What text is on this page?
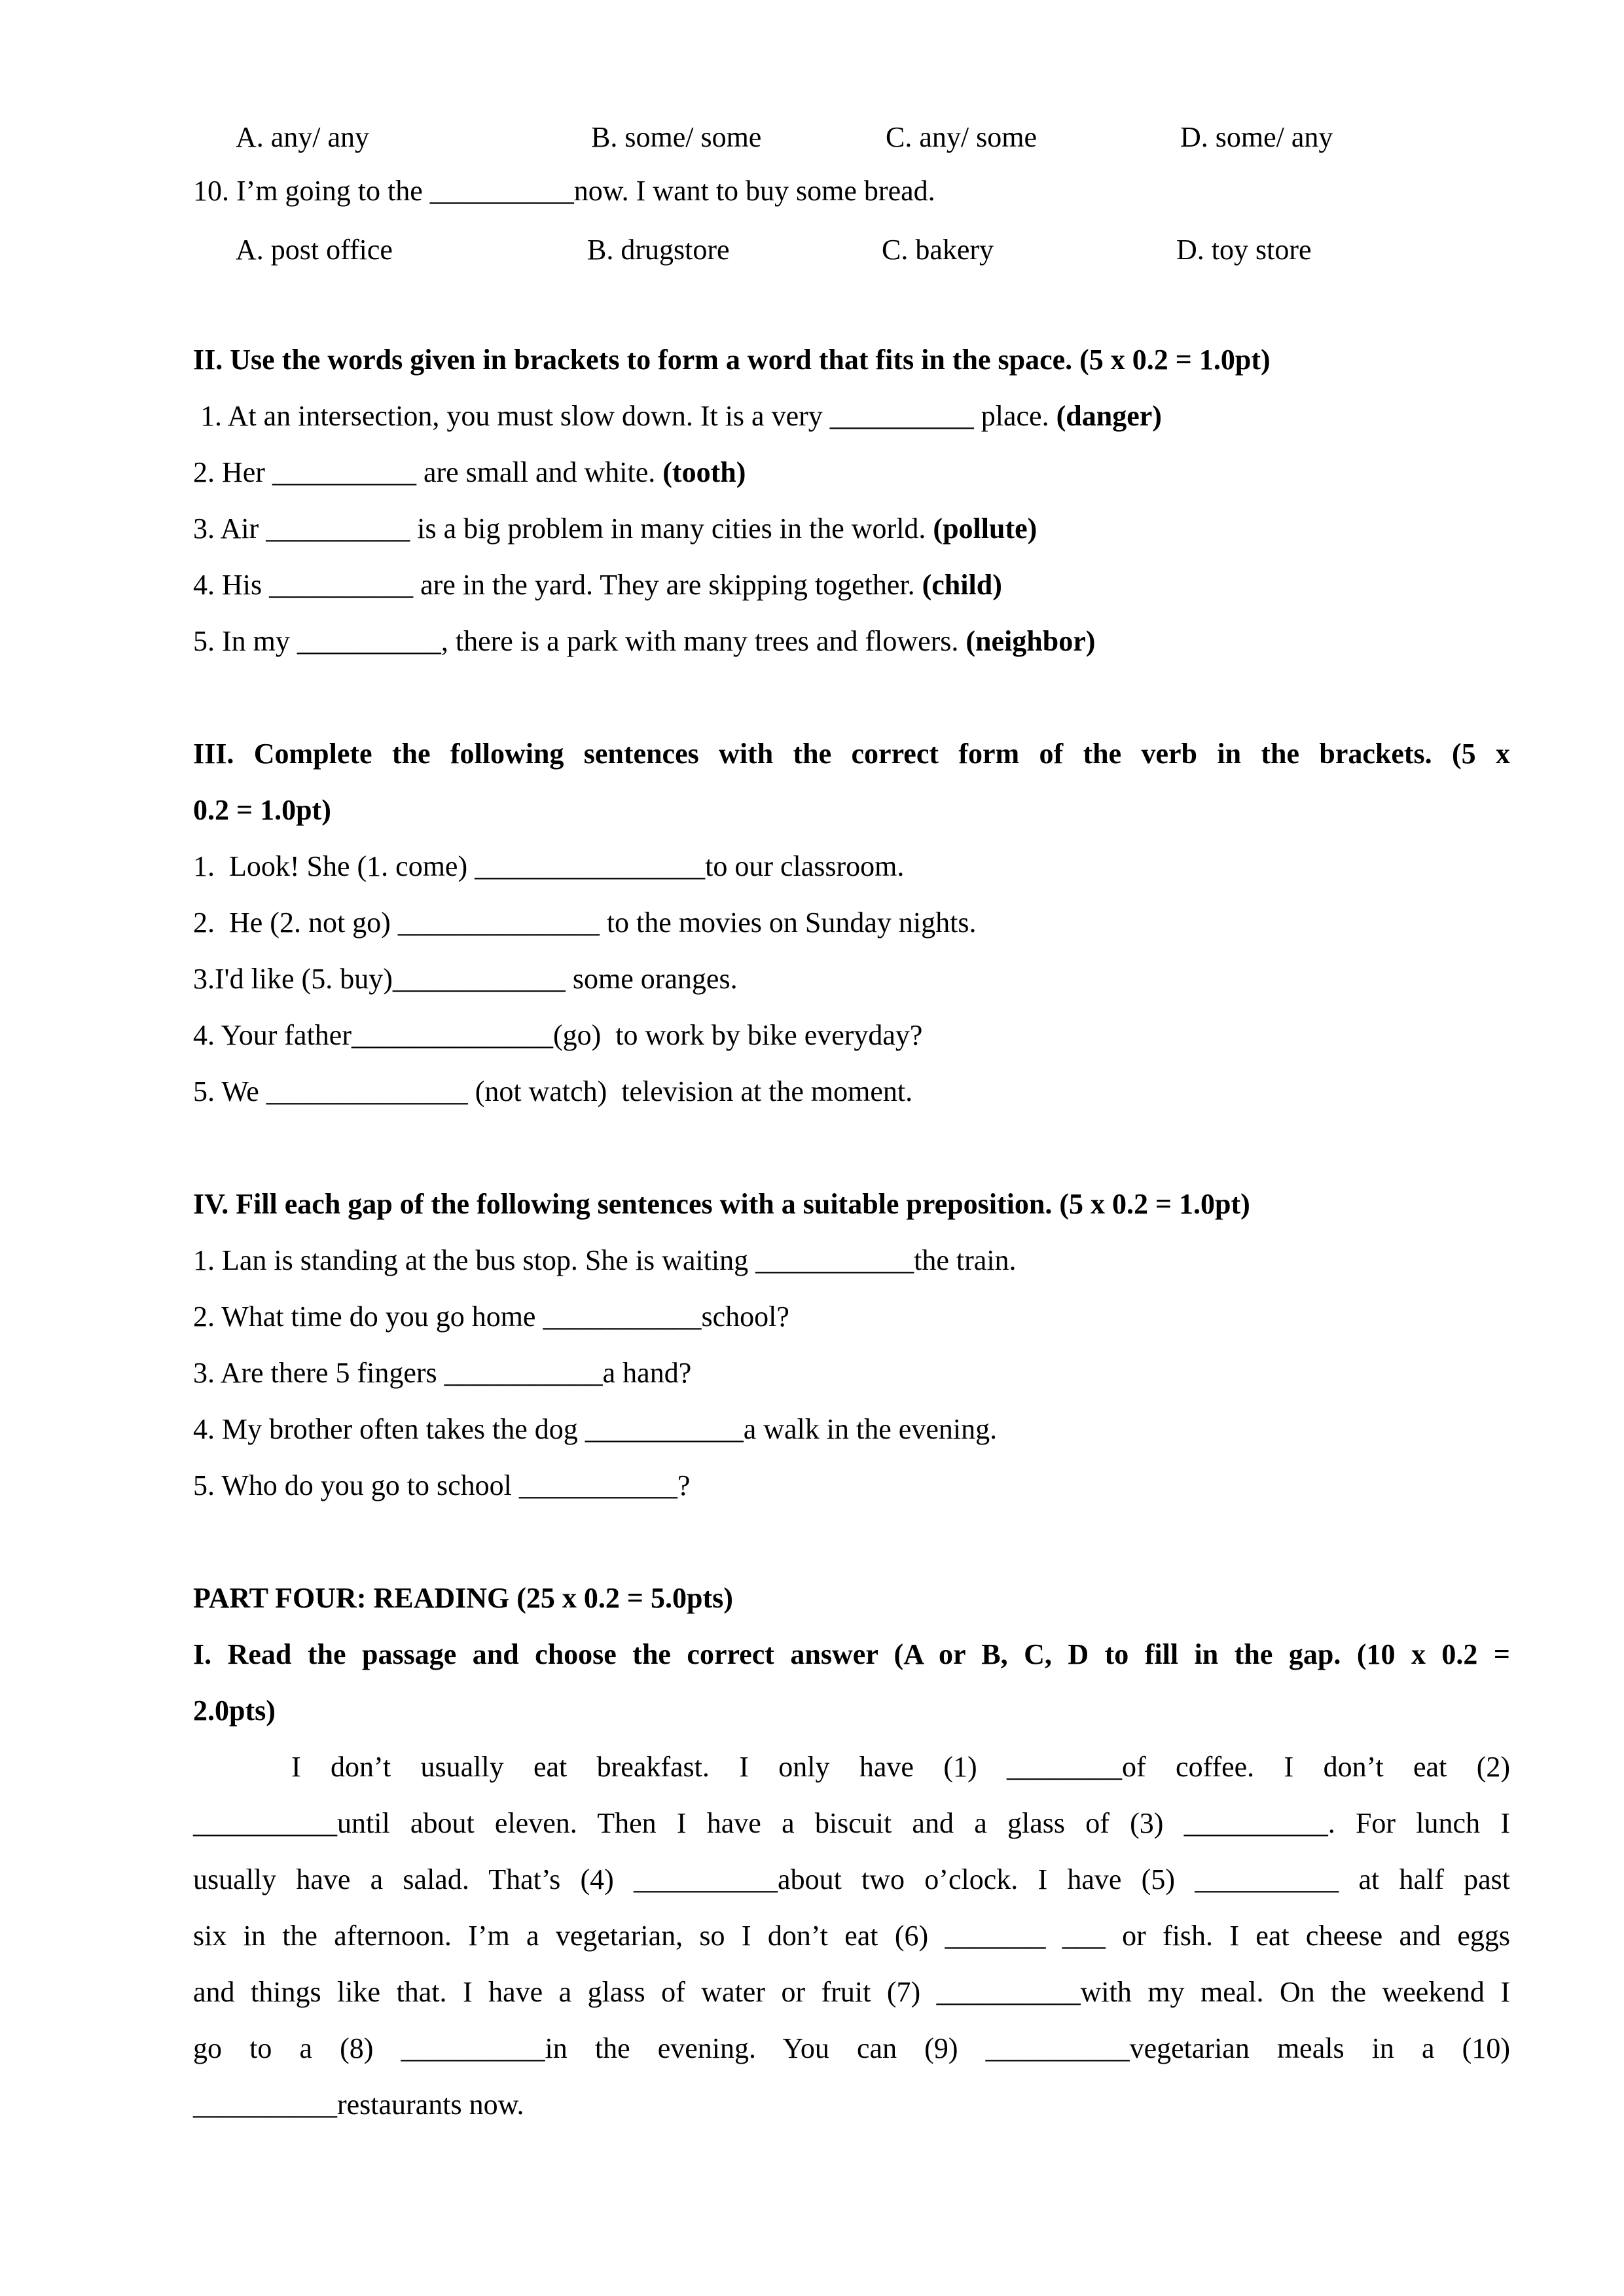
A. any/ any	B. some/ some	C. any/ some	D. some/ any
10. I’m going to the __________now. I want to buy some bread.
A. post office	B. drugstore	C. bakery	D. toy store
II. Use the words given in brackets to form a word that fits in the space. (5 x 0.2 = 1.0pt)
1. At an intersection, you must slow down. It is a very __________ place. (danger)
2. Her __________ are small and white. (tooth)
3. Air __________ is a big problem in many cities in the world. (pollute)
4. His __________ are in the yard. They are skipping together. (child)
5. In my __________, there is a park with many trees and flowers. (neighbor)
III. Complete the following sentences with the correct form of the verb in the brackets. (5 x
0.2 = 1.0pt)
1.  Look! She (1. come) ________________to our classroom.
2.  He (2. not go) ______________ to the movies on Sunday nights.
3.I'd like (5. buy)____________ some oranges.
4. Your father______________(go)  to work by bike everyday?
5. We ______________ (not watch)  television at the moment.
IV. Fill each gap of the following sentences with a suitable preposition. (5 x 0.2 = 1.0pt)
1. Lan is standing at the bus stop. She is waiting ___________the train.
2. What time do you go home ___________school?
3. Are there 5 fingers ___________a hand?
4. My brother often takes the dog ___________a walk in the evening.
5. Who do you go to school ___________?
PART FOUR: READING (25 x 0.2 = 5.0pts)
I. Read the passage and choose the correct answer (A or B, C, D to fill in the gap. (10 x 0.2 =
2.0pts)
I don’t usually eat breakfast. I only have (1) ________of coffee. I don’t eat (2)
__________until about eleven. Then I have a biscuit and a glass of (3) __________. For lunch I
usually have a salad. That’s (4) __________about two o’clock. I have (5) __________ at half past
six in the afternoon. I’m a vegetarian, so I don’t eat (6) _______ ___ or fish. I eat cheese and eggs
and things like that. I have a glass of water or fruit (7) __________with my meal. On the weekend I
go to a (8) __________in the evening. You can (9) __________vegetarian meals in a (10)
__________restaurants now.
